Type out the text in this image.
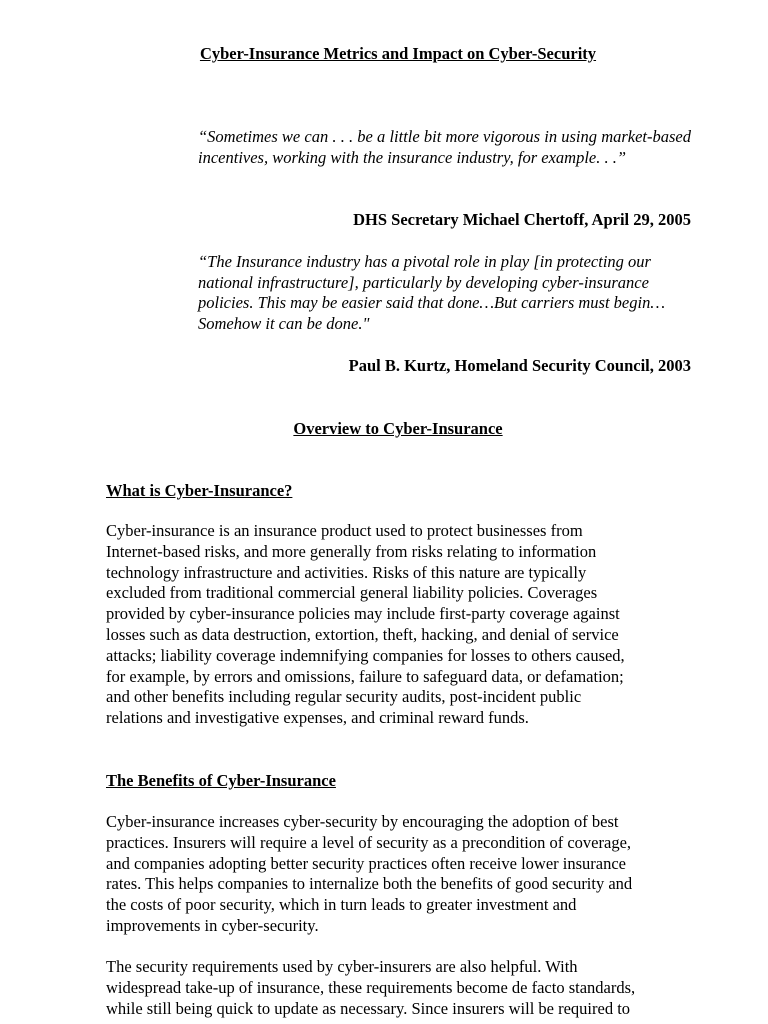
Cyber-Insurance Metrics and Impact on Cyber-Security
“Sometimes we can . . . be a little bit more vigorous in using market-based incentives, working with the insurance industry, for example. . .”
DHS Secretary Michael Chertoff, April 29, 2005
“The Insurance industry has a pivotal role in play [in protecting our national infrastructure], particularly by developing cyber-insurance policies. This may be easier said that done…But carriers must begin…Somehow it can be done."
Paul B. Kurtz, Homeland Security Council, 2003
Overview to Cyber-Insurance
What is Cyber-Insurance?
Cyber-insurance is an insurance product used to protect businesses from
Internet-based risks, and more generally from risks relating to information
technology infrastructure and activities. Risks of this nature are typically
excluded from traditional commercial general liability policies. Coverages
provided by cyber-insurance policies may include first-party coverage against
losses such as data destruction, extortion, theft, hacking, and denial of service
attacks; liability coverage indemnifying companies for losses to others caused,
for example, by errors and omissions, failure to safeguard data, or defamation;
and other benefits including regular security audits, post-incident public
relations and investigative expenses, and criminal reward funds.
The Benefits of Cyber-Insurance
Cyber-insurance increases cyber-security by encouraging the adoption of best
practices. Insurers will require a level of security as a precondition of coverage,
and companies adopting better security practices often receive lower insurance
rates. This helps companies to internalize both the benefits of good security and
the costs of poor security, which in turn leads to greater investment and
improvements in cyber-security.
The security requirements used by cyber-insurers are also helpful. With
widespread take-up of insurance, these requirements become de facto standards,
while still being quick to update as necessary. Since insurers will be required to
